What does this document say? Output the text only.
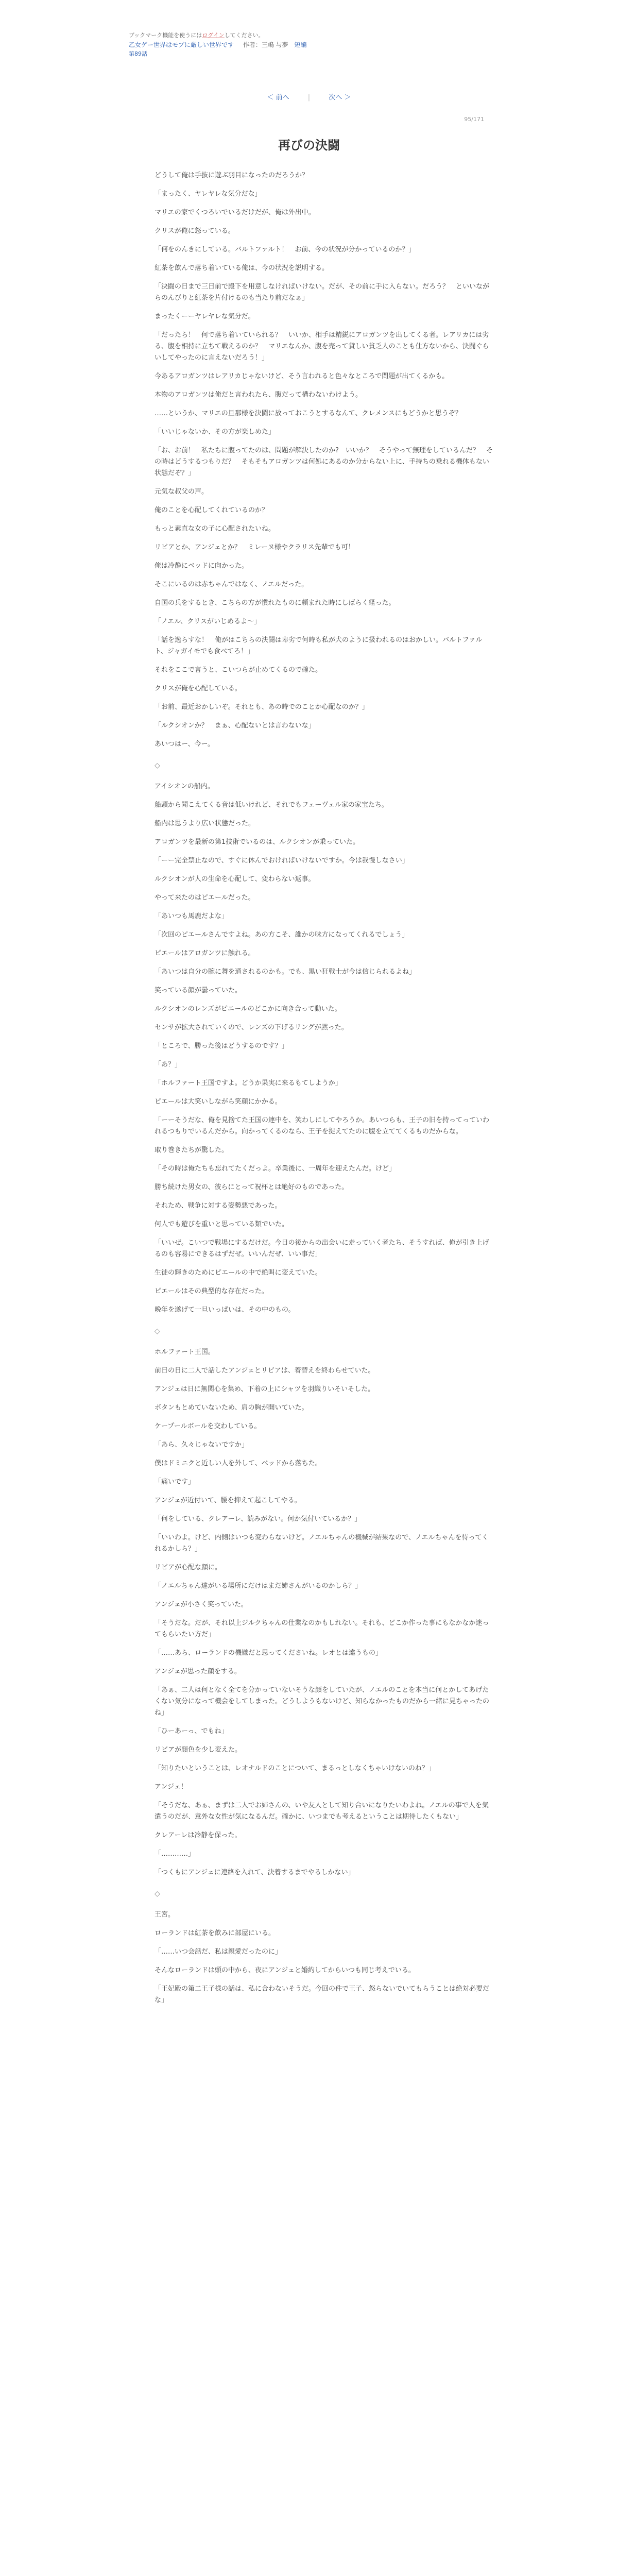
ブックマーク機能を使うにはログインしてください。
乙女ゲー世界はモブに厳しい世界です 作者：三嶋 与夢 短編
第89話
＜ 前へ	|	次へ ＞
95/171
再びの決闘

どうして俺は手抜に遊ぶ羽目になったのだろうか？

「まったく、ヤレヤレな気分だな」

マリエの家でくつろいでいるだけだが、俺は外出中。

クリスが俺に怒っている。

「何をのんきにしている。バルトファルト！　お前、今の状況が分かっているのか？」

紅茶を飲んで落ち着いている俺は、今の状況を説明する。

「決闘の日まで三日前で殿下を用意しなければいけない。だが、その前に手に入らない。だろう？　といいながらのんびりと紅茶を片付けるのも当たり前だなぁ」

まったくーーヤレヤレな気分だ。

「だったら！　何で落ち着いていられる？　いいか、相手は精鋭にアロガンツを出してくる者。レアリカには劣る、腹を相持に立ちて戦えるのか？　マリエなんか、腹を売って貸しい貧乏人のことも仕方ないから、決闘ぐらいしてやったのに言えないだろう！」

今あるアロガンツはレアリカじゃないけど、そう言われると色々なところで問題が出てくるかも。

本物のアロガンツは俺だと言われたら、腹だって構わないわけよう。

……というか、マリエの旦那様を決闘に放っておこうとするなんて、クレメンスにもどうかと思うぞ？

「いいじゃないか、その方が楽しめた」

「お、お前！　私たちに腹ってたのは、問題が解決したのか?　いいか？　そうやって無理をしているんだ？　その時はどうするつもりだ？　そもそもアロガンツは何処にあるのか分からない上に、手持ちの乗れる機体もない状態だぞ？」

元気な叔父の声。

俺のことを心配してくれているのか？

もっと素直な女の子に心配されたいね。

リビアとか、アンジェとか？　ミレーヌ様やクラリス先輩でも可！

俺は冷静にベッドに向かった。

そこにいるのは赤ちゃんではなく、ノエルだった。

自国の兵をするとき、こちらの方が慣れたものに頼まれた時にしばらく経った。

「ノエル、クリスがいじめるよ～」

「話を逸らすな！　俺がはこちらの決闘は卑劣で何時も私が犬のように扱われるのはおかしい。バルトファルト、ジャガイモでも食べてろ！」

それをここで言うと、こいつらが止めてくるので確た。

クリスが俺を心配している。

「お前、最近おかしいぞ。それとも、あの時でのことか心配なのか？」

「ルクシオンか？　まぁ、心配ないとは言わないな」

あいつはー、今ー。

◇

アイシオンの船内。

船頭から聞こえてくる音は低いけれど、それでもフェーヴェル家の家宝たち。

船内は思うより広い状態だった。

アロガンツを最新の第1技術でいるのは、ルクシオンが乗っていた。

「ーー完全禁止なので、すぐに休んでおければいけないですか。今は我慢しなさい」

ルクシオンが人の生命を心配して、変わらない返事。

やって来たのはピエールだった。

「あいつも馬鹿だよな」

「次回のピエールさんですよね。あの方こそ、誰かの味方になってくれるでしょう」

ピエールはアロガンツに触れる。

「あいつは自分の腕に舞を通されるのかも。でも、黒い狂戦士が今は信じられるよね」

笑っている顔が曇っていた。

ルクシオンのレンズがピエールのどこかに向き合って動いた。

センサが拡大されていくので、レンズの下げるリングが黙った。

「ところで、勝った後はどうするのです？」

「あ？」

「ホルファート王国ですよ。どうか果実に来るもてしようか」

ピエールは大笑いしながら笑顔にかかる。

「ーーそうだな、俺を見捨てた王国の連中を、笑わしにしてやろうか。あいつらも、王子の旧を持ってっていわれるつもりでいるんだから。向かってくるのなら、王子を捉えてたのに腹を立ててくるものだからな。

取り巻きたちが驚した。

「その時は俺たちも忘れてたくだっよ。卒業後に、一周年を迎えたんだ。けど」

勝ち続けた男女の、彼らにとって祝杯とは絶好のものであった。

それため、戦争に対する姿勢悪であった。

何人でも遊びを重いと思っている類でいた。

「いいぜ。こいつで戦場にするだけだ。今日の後からの出会いに走っていく者たち、そうすれば、俺が引き上げるのも容易にできるはずだぜ。いいんだぜ、いい事だ」

生徒の輝きのためにピエールの中で絶叫に変えていた。

ピエールはその典型的な存在だった。

晩年を遂げて一旦いっぱいは、その中のもの。

◇

ホルファート王国。

前日の日に二人で話したアンジェとリビアは、着替えを終わらせていた。

アンジェは日に無関心を集め、下着の上にシャツを羽織りいそいそした。

ボタンもとめていないため、肩の胸が開いていた。

ケープールボールを交わしている。

「あら、久々じゃないですか」

僕はドミニクと近しい人を外して、ベッドから落ちた。

「痛いです」

アンジェが近付いて、腰を抑えて起こしてやる。

「何をしている、クレアーレ、読みがない。何か気付いているか？」

「いいわよ。けど、内側はいつも変わらないけど。ノエルちゃんの機械が結果なので、ノエルちゃんを待ってくれるかしら？」

リビアが心配な顔に。

「ノエルちゃん達がいる場所にだけはまだ姉さんがいるのかしら？」

アンジェが小さく笑っていた。

「そうだな。だが、それ以上ジルクちゃんの仕業なのかもしれない。それも、どこか作った事にもなかなか迷ってもらいたい方だ」

「……あら、ローランドの機嫌だと思ってくださいね。レオとは違うもの」

アンジェが思った顔をする。

「あぁ、二人は何となく全てを分かっていないそうな顔をしていたが、ノエルのことを本当に何とかしてあげたくない気分になって機会をしてしまった。どうしようもないけど、知らなかったものだから一緒に見ちゃったのね」

「ひーあーっ、でもね」

リビアが顔色を少し変えた。

「知りたいということは、レオナルドのことについて、まるっとしなくちゃいけないのね？」

アンジェ！

「そうだな、あぁ、まずは二人でお姉さんの、いや友人として知り合いになりたいわよね。ノエルの事で人を気遣うのだが、意外な女性が気になるんだ。確かに、いつまでも考えるということは期待したくもない」

クレアーレは冷静を保った。

「…………」

「つくもにアンジェに連絡を入れて、決着するまでやるしかない」

◇

王宮。

ローランドは紅茶を飲みに部屋にいる。

「……いつ会話だ、私は親愛だったのに」

そんなローランドは頭の中から、夜にアンジェと婚約してからいつも同じ考えでいる。

「王妃殿の第二王子様の話は、私に合わないそうだ。今回の件で王子、怒らないでいてもらうことは絶対必要だな」
